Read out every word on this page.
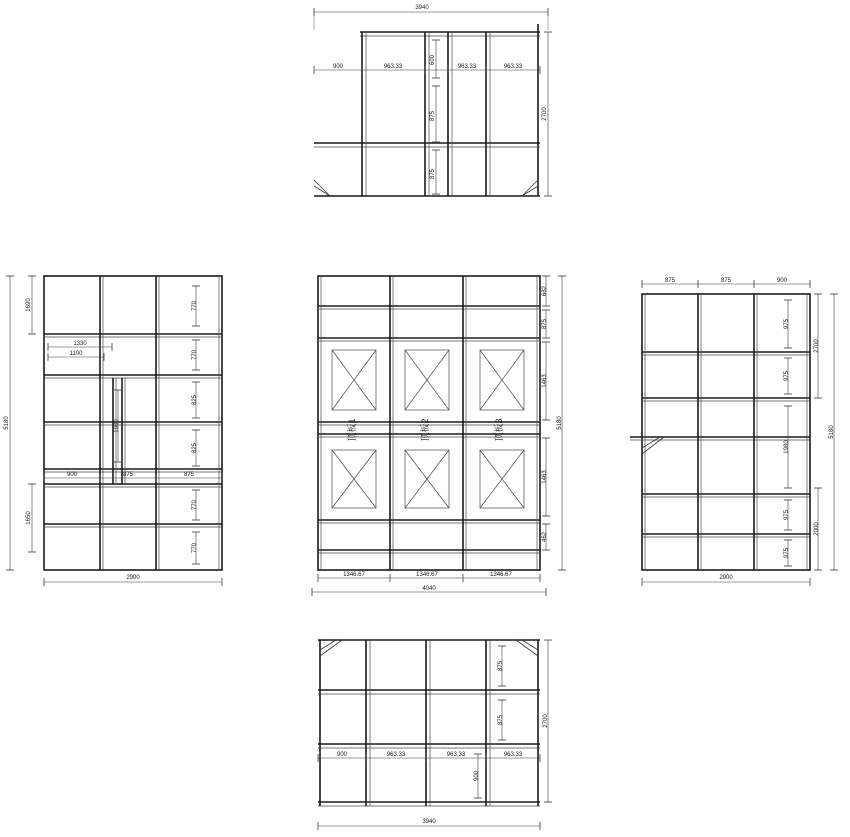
3940
900	963.33	963.33	963.33
600
875
875
2700
5180
1690
1650
1330
1100
1900
770
770
825
825
770
770
900	875	875
2900
顶板1	顶板2	顶板3
682
875
1463
1463
462
5180
1346.67	1346.67	1346.67
4040
875	875	900
975
975
1980
975
975
2700
2000
5180
2900
875
875
900
900	963.33	963.33	963.33
2700
3940
